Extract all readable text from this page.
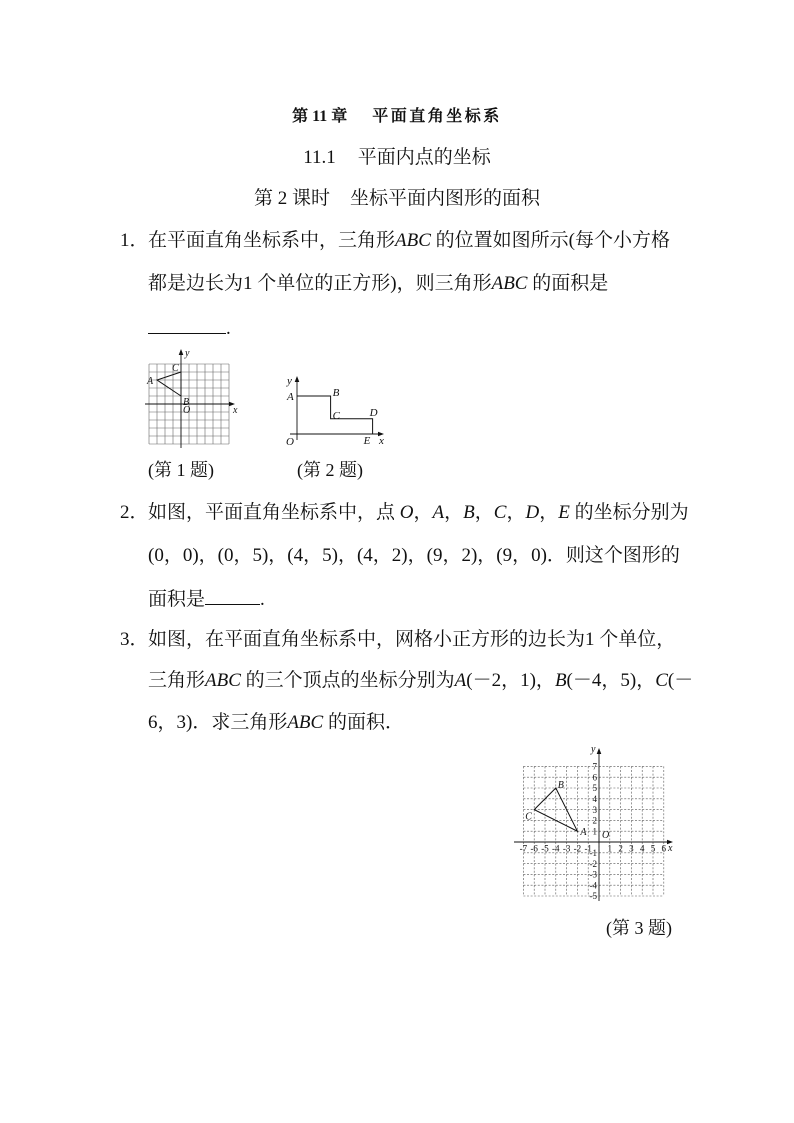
第 11 章 平面直角坐标系
11.1 平面内点的坐标
第 2 课时 坐标平面内图形的面积
1． 在平面直角坐标系中，三角形ABC 的位置如图所示(每个小方格
都是边长为1 个单位的正方形)，则三角形ABC 的面积是
.
A
B
C
x
y
O
A	B
C	D
E x
y
O
(第 1 题)	(第 2 题)
2． 如图，平面直角坐标系中，点 O，A，B，C，D，E 的坐标分别为
(0，0)，(0，5)，(4，5)，(4，2)，(9，2)，(9，0)．则这个图形的
面积是	.
3． 如图，在平面直角坐标系中，网格小正方形的边长为1 个单位，
三角形ABC 的三个顶点的坐标分别为A(－2，1)，B(－4，5)，C(－
6，3)．求三角形ABC 的面积．
-7 -6 -5 -4 -3 -2 -1 1 2 3 4 5 6
7
6
5
4
3
2
1
-1
-2
-3
-4
-5
A
B
C
x
y
O
(第 3 题)
